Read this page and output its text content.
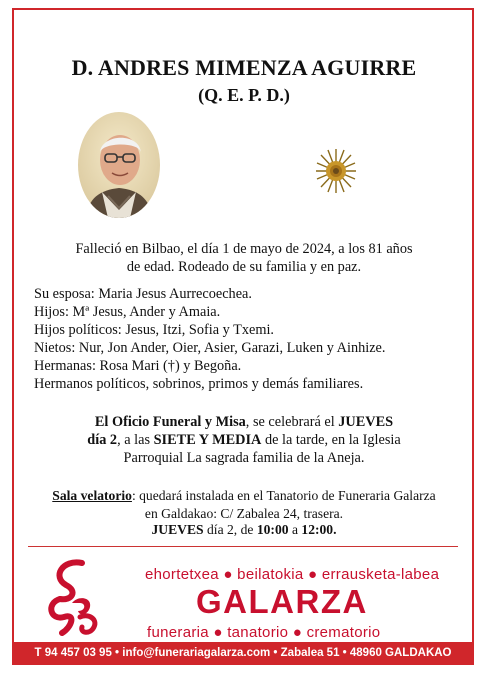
D. ANDRES MIMENZA AGUIRRE
(Q. E. P. D.)
Falleció en Bilbao, el día 1 de mayo de 2024, a los 81 años
de edad. Rodeado de su familia y en paz.
Su esposa: Maria Jesus Aurrecoechea.
Hijos: Mª Jesus, Ander y Amaia.
Hijos políticos: Jesus, Itzi, Sofia y Txemi.
Nietos: Nur, Jon Ander, Oier, Asier, Garazi, Luken y Ainhize.
Hermanas: Rosa Mari (†) y Begoña.
Hermanos políticos, sobrinos, primos y demás familiares.
El Oficio Funeral y Misa, se celebrará el JUEVES
día 2, a las SIETE Y MEDIA de la tarde, en la Iglesia
Parroquial La sagrada familia de la Aneja.
Sala velatorio: quedará instalada en el Tanatorio de Funeraria Galarza
en Galdakao: C/ Zabalea 24, trasera.
JUEVES día 2, de 10:00 a 12:00.
ehortetxea ● beilatokia ● errausketa-labea
GALARZA
funeraria ● tanatorio ● crematorio
T 94 457 03 95 • info@funerariagalarza.com • Zabalea 51 • 48960 GALDAKAO
